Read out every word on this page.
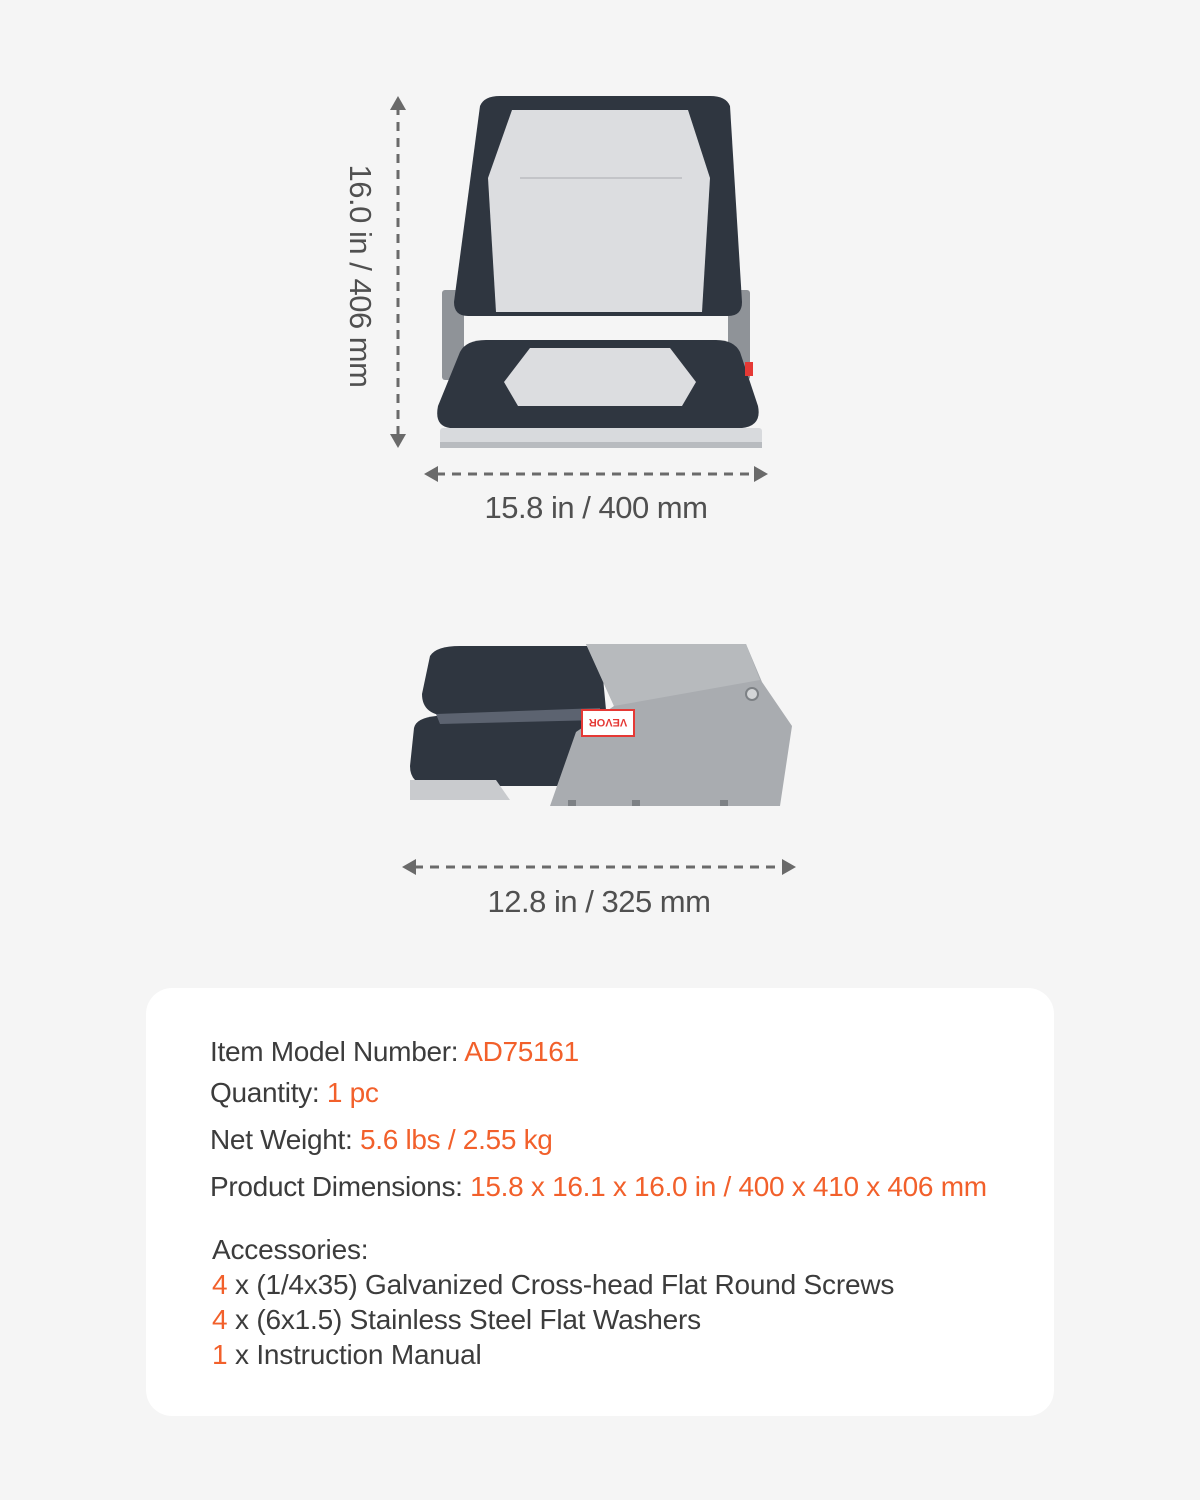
16.0 in / 406 mm
15.8 in / 400 mm
VEVOR
12.8 in / 325 mm
Item Model Number: AD75161
Quantity: 1 pc
Net Weight: 5.6 lbs / 2.55 kg
Product Dimensions: 15.8 x 16.1 x 16.0 in / 400 x 410 x 406 mm
Accessories:
4 x (1/4x35) Galvanized Cross-head Flat Round Screws
4 x (6x1.5) Stainless Steel Flat Washers
1 x Instruction Manual
